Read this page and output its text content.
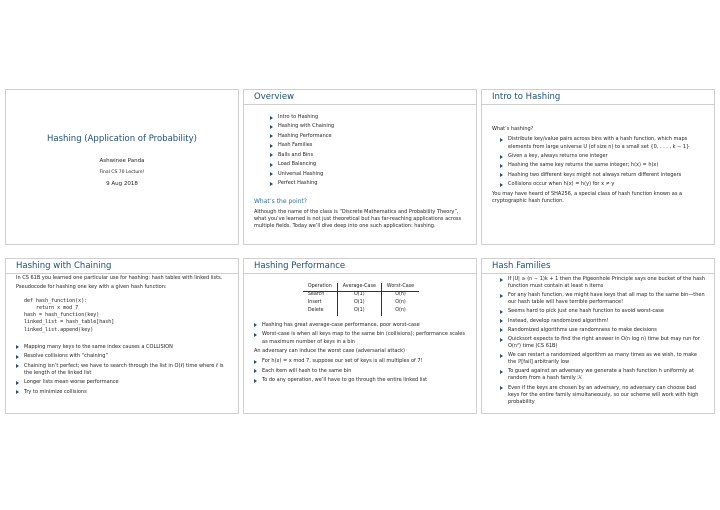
Hashing (Application of Probability)
Ashwinee Panda
Final CS 70 Lecture!
9 Aug 2018
Overview
Intro to Hashing
Hashing with Chaining
Hashing Performance
Hash Families
Balls and Bins
Load Balancing
Universal Hashing
Perfect Hashing
What’s the point?

Although the name of the class is “Discrete Mathematics and Probability Theory”, what you’ve learned is not just theoretical but has far-reaching applications across multiple fields. Today we’ll dive deep into one such application: hashing.

Intro to Hashing

What’s hashing?

Distribute key/value pairs across bins with a hash function, which maps elements from large universe U (of size n) to a small set {0, . . . , k − 1}
Given a key, always returns one integer
Hashing the same key returns the same integer; h(x) = h(x)
Hashing two different keys might not always return different integers
Collisions occur when h(x) = h(y) for x ≠ y

You may have heard of SHA256, a special class of hash function known as a cryptographic hash function.

Hashing with Chaining

In CS 61B you learned one particular use for hashing: hash tables with linked lists.

Pseudocode for hashing one key with a given hash function:

def hash_function(x):
return x mod 7
hash = hash_function(key)
linked_list = hash_table[hash]
linked_list.append(key)
Mapping many keys to the same index causes a COLLISION
Resolve collisions with “chaining”
Chaining isn’t perfect; we have to search through the list in O(ℓ) time where ℓ is the length of the linked list
Longer lists mean worse performance
Try to minimize collisions
Hashing Performance
Operation	Average-Case	Worst-Case
Search	O(1)	O(n)
Insert	O(1)	O(n)
Delete	O(1)	O(n)
Hashing has great average-case performance, poor worst-case
Worst-case is when all keys map to the same bin (collisions); performance scales as maximum number of keys in a bin

An adversary can induce the worst case (adversarial attack)

For h(x) = x mod 7, suppose our set of keys is all multiples of 7!
Each item will hash to the same bin
To do any operation, we’ll have to go through the entire linked list
Hash Families
If |U| ≥ (n − 1)k + 1 then the Pigeonhole Principle says one bucket of the hash function must contain at least n items
For any hash function, we might have keys that all map to the same bin—then our hash table will have terrible performance!
Seems hard to pick just one hash function to avoid worst-case
Instead, develop randomized algorithm!
Randomized algorithms use randomness to make decisions
Quicksort expects to find the right answer in O(n log n) time but may run for O(n²) time (CS 61B)
We can restart a randomized algorithm as many times as we wish, to make the ℙ[fail] arbitrarily low
To guard against an adversary we generate a hash function h uniformly at random from a hash family ℋ
Even if the keys are chosen by an adversary, no adversary can choose bad keys for the entire family simultaneously, so our scheme will work with high probability
